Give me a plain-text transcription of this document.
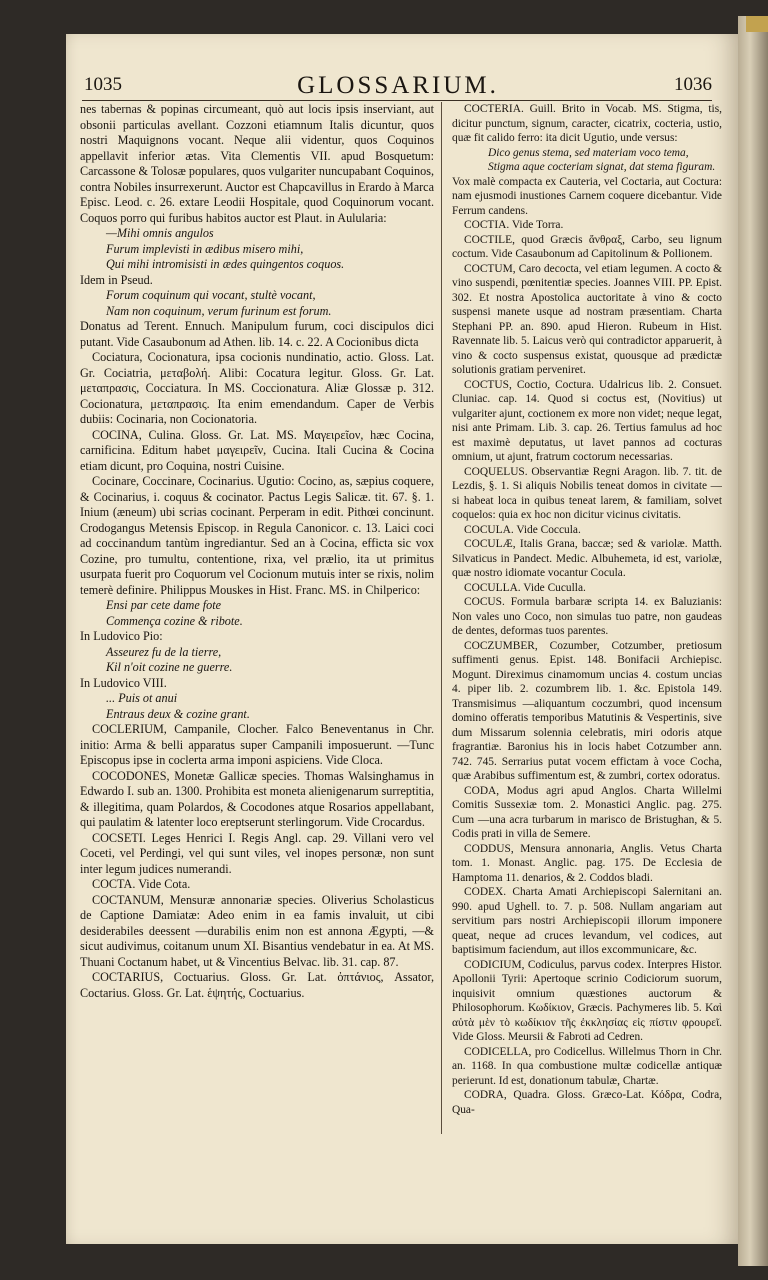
1035	GLOSSARIUM.	1036

nes tabernas & popinas circumeant, quò aut locis ipsis inserviant, aut obsonii particulas avellant. Cozzoni etiamnum Italis dicuntur, quos nostri Maquignons vocant. Neque alii videntur, quos Coquinos appellavit inferior ætas. Vita Clementis VII. apud Bosquetum: Carcassone & Tolosæ populares, quos vulgariter nuncupabant Coquinos, contra Nobiles insurrexerunt. Auctor est Chapcavillus in Erardo à Marca Episc. Leod. c. 26. extare Leodii Hospitale, quod Coquinorum vocant. Coquos porro qui furibus habitos auctor est Plaut. in Aulularia:

—Mihi omnis angulos

Furum implevisti in ædibus misero mihi,

Qui mihi intromisisti in ædes quingentos coquos.

Idem in Pseud.

Forum coquinum qui vocant, stultè vocant,

Nam non coquinum, verum furinum est forum.

Donatus ad Terent. Ennuch. Manipulum furum, coci discipulos dici putant. Vide Casaubonum ad Athen. lib. 14. c. 22. A Cocionibus dicta

Cociatura, Cocionatura, ipsa cocionis nundinatio, actio. Gloss. Lat. Gr. Cociatria, μεταβολή. Alibi: Cocatura legitur. Gloss. Gr. Lat. μεταπρασις, Cocciatura. In MS. Coccionatura. Aliæ Glossæ p. 312. Cocionatura, μεταπρασις. Ita enim emendandum. Caper de Verbis dubiis: Cocinaria, non Cocionatoria.

COCINA, Culina. Gloss. Gr. Lat. MS. Μαγειρεῖον, hæc Cocina, carnificina. Editum habet μαγειρεῖν, Cucina. Itali Cucina & Cocina etiam dicunt, pro Coquina, nostri Cuisine.

Cocinare, Coccinare, Cocinarius. Ugutio: Cocino, as, sæpius coquere, & Cocinarius, i. coquus & cocinator. Pactus Legis Salicæ. tit. 67. §. 1. Inium (æneum) ubi scrias cocinant. Perperam in edit. Pithœi concinunt. Crodogangus Metensis Episcop. in Regula Canonicor. c. 13. Laici coci ad coccinandum tantùm ingrediantur. Sed an à Cocina, effictа sic vox Cozine, pro tumultu, contentione, rixa, vel prælio, ita ut primitus usurpata fuerit pro Coquorum vel Cocionum mutuis inter se rixis, nolim temerè definire. Philippus Mouskes in Hist. Franc. MS. in Chilperico:

Ensi par cete dame fote

Commença cozine & ribote.

In Ludovico Pio:

Asseurez fu de la tierre,

Kil n'oit cozine ne guerre.

In Ludovico VIII.

... Puis ot anui

Entraus deux & cozine grant.

COCLERIUM, Campanile, Clocher. Falco Beneventanus in Chr. initio: Arma & belli apparatus super Campanili imposuerunt. —Tunc Episcopus ipse in coclerta arma imponi aspiciens. Vide Cloca.

COCODONES, Monetæ Gallicæ species. Thomas Walsinghamus in Edwardo I. sub an. 1300. Prohibita est moneta alienigenarum surreptitia, & illegitima, quam Polardos, & Cocodones atque Rosarios appellabant, qui paulatim & latenter loco ereptserunt sterlingorum. Vide Crocardus.

COCSETI. Leges Henrici I. Regis Angl. cap. 29. Villani vero vel Coceti, vel Perdingi, vel qui sunt viles, vel inopes personæ, non sunt inter legum judices numerandi.

COCTA. Vide Cota.

COCTANUM, Mensuræ annonariæ species. Oliverius Scholasticus de Captione Damiatæ: Adeo enim in ea famis invaluit, ut cibi desiderabiles deessent —durabilis enim non est annona Ægypti, —& sicut audivimus, coitanum unum XI. Bisantius vendebatur in ea. At MS. Thuani Coctanum habet, ut & Vincentius Belvac. lib. 31. cap. 87.

COCTARIUS, Coctuarius. Gloss. Gr. Lat. ὀπτάνιος, Assator, Coctarius. Gloss. Gr. Lat. ἑψητής, Coctuarius.

COCTERIA. Guill. Brito in Vocab. MS. Stigma, tis, dicitur punctum, signum, caracter, cicatrix, cocteria, ustio, quæ fit calido ferro: ita dicit Ugutio, unde versus:

Dico genus stema, sed materiam voco tema,

Stigma aque cocteriam signat, dat stema figuram.

Vox malè compacta ex Cauteria, vel Coctaria, aut Coctura: nam ejusmodi inustiones Carnem coquere dicebantur. Vide Ferrum candens.

COCTIA. Vide Torra.

COCTILE, quod Græcis ἄνθραξ, Carbo, seu lignum coctum. Vide Casaubonum ad Capitolinum & Pollionem.

COCTUM, Caro decocta, vel etiam legumen. A cocto & vino suspendi, pœnitentiæ species. Joannes VIII. PP. Epist. 302. Et nostra Apostolica auctoritate à vino & cocto suspensi manete usque ad nostram præsentiam. Charta Stephani PP. an. 890. apud Hieron. Rubeum in Hist. Ravennate lib. 5. Laicus verò qui contradictor apparuerit, à vino & cocto suspensus existat, quousque ad prædictæ solutionis gratiam perveniret.

COCTUS, Coctio, Coctura. Udalricus lib. 2. Consuet. Cluniac. cap. 14. Quod si coctus est, (Novitius) ut vulgariter ajunt, coctionem ex more non videt; neque legat, nisi ante Primam. Lib. 3. cap. 26. Tertius famulus ad hoc est maximè deputatus, ut lavet pannos ad cocturas omnium, ut ajunt, fratrum coctorum necessarias.

COQUELUS. Observantiæ Regni Aragon. lib. 7. tit. de Lezdis, §. 1. Si aliquis Nobilis teneat domos in civitate —si habeat loca in quibus teneat larem, & familiam, solvet coquelos: quia ex hoc non dicitur vicinus civitatis.

COCULA. Vide Coccula.

COCULÆ, Italis Grana, baccæ; sed & variolæ. Matth. Silvaticus in Pandect. Medic. Albuhemeta, id est, variolæ, quæ nostro idiomate vocantur Cocula.

COCULLA. Vide Cuculla.

COCUS. Formula barbaræ scripta 14. ex Baluzianis: Non vales uno Coco, non simulas tuo patre, non gaudeas de dentes, deformas tuos parentes.

COCZUMBER, Cozumber, Cotzumber, pretiosum suffimenti genus. Epist. 148. Bonifacii Archiepisc. Mogunt. Direximus cinamomum uncias 4. costum uncias 4. piper lib. 2. cozumbrem lib. 1. &c. Epistola 149. Transmisimus —aliquantum coczumbri, quod incensum domino offeratis temporibus Matutinis & Vespertinis, sive dum Missarum solennia celebratis, miri odoris atque fragrantiæ. Baronius his in locis habet Cotzumber ann. 742. 745. Serrarius putat vocem effictam à voce Cocha, quæ Arabibus suffimentum est, & zumbri, cortex odoratus.

CODA, Modus agri apud Anglos. Charta Willelmi Comitis Sussexiæ tom. 2. Monastici Anglic. pag. 275. Cum —una acra turbarum in marisco de Bristughan, & 5. Codis prati in villa de Semere.

CODDUS, Mensura annonaria, Anglis. Vetus Charta tom. 1. Monast. Anglic. pag. 175. De Ecclesia de Hamptoma 11. denarios, & 2. Coddos bladi.

CODEX. Charta Amati Archiepiscopi Salernitani an. 990. apud Ughell. to. 7. p. 508. Nullam angariam aut servitium pars nostri Archiepiscopii illorum imponere queat, neque ad cruces levandum, vel codices, aut baptisimum faciendum, aut illos excommunicare, &c.

CODICIUM, Codiculus, parvus codex. Interpres Histor. Apollonii Tyrii: Apertoque scrinio Codiciorum suorum, inquisivit omnium quæstiones auctorum & Philosophorum. Κωδίκιον, Græcis. Pachymeres lib. 5. Καὶ αὐτὰ μὲν τὸ κωδίκιον τῆς ἐκκλησίας εἰς πίστιν φρουρεῖ. Vide Gloss. Meursii & Fabroti ad Cedren.

CODICELLA, pro Codicellus. Willelmus Thorn in Chr. an. 1168. In qua combustione multæ codicellæ antiquæ perierunt. Id est, donationum tabulæ, Chartæ.

CODRA, Quadra. Gloss. Græco-Lat. Κόδρα, Codra, Qua-
